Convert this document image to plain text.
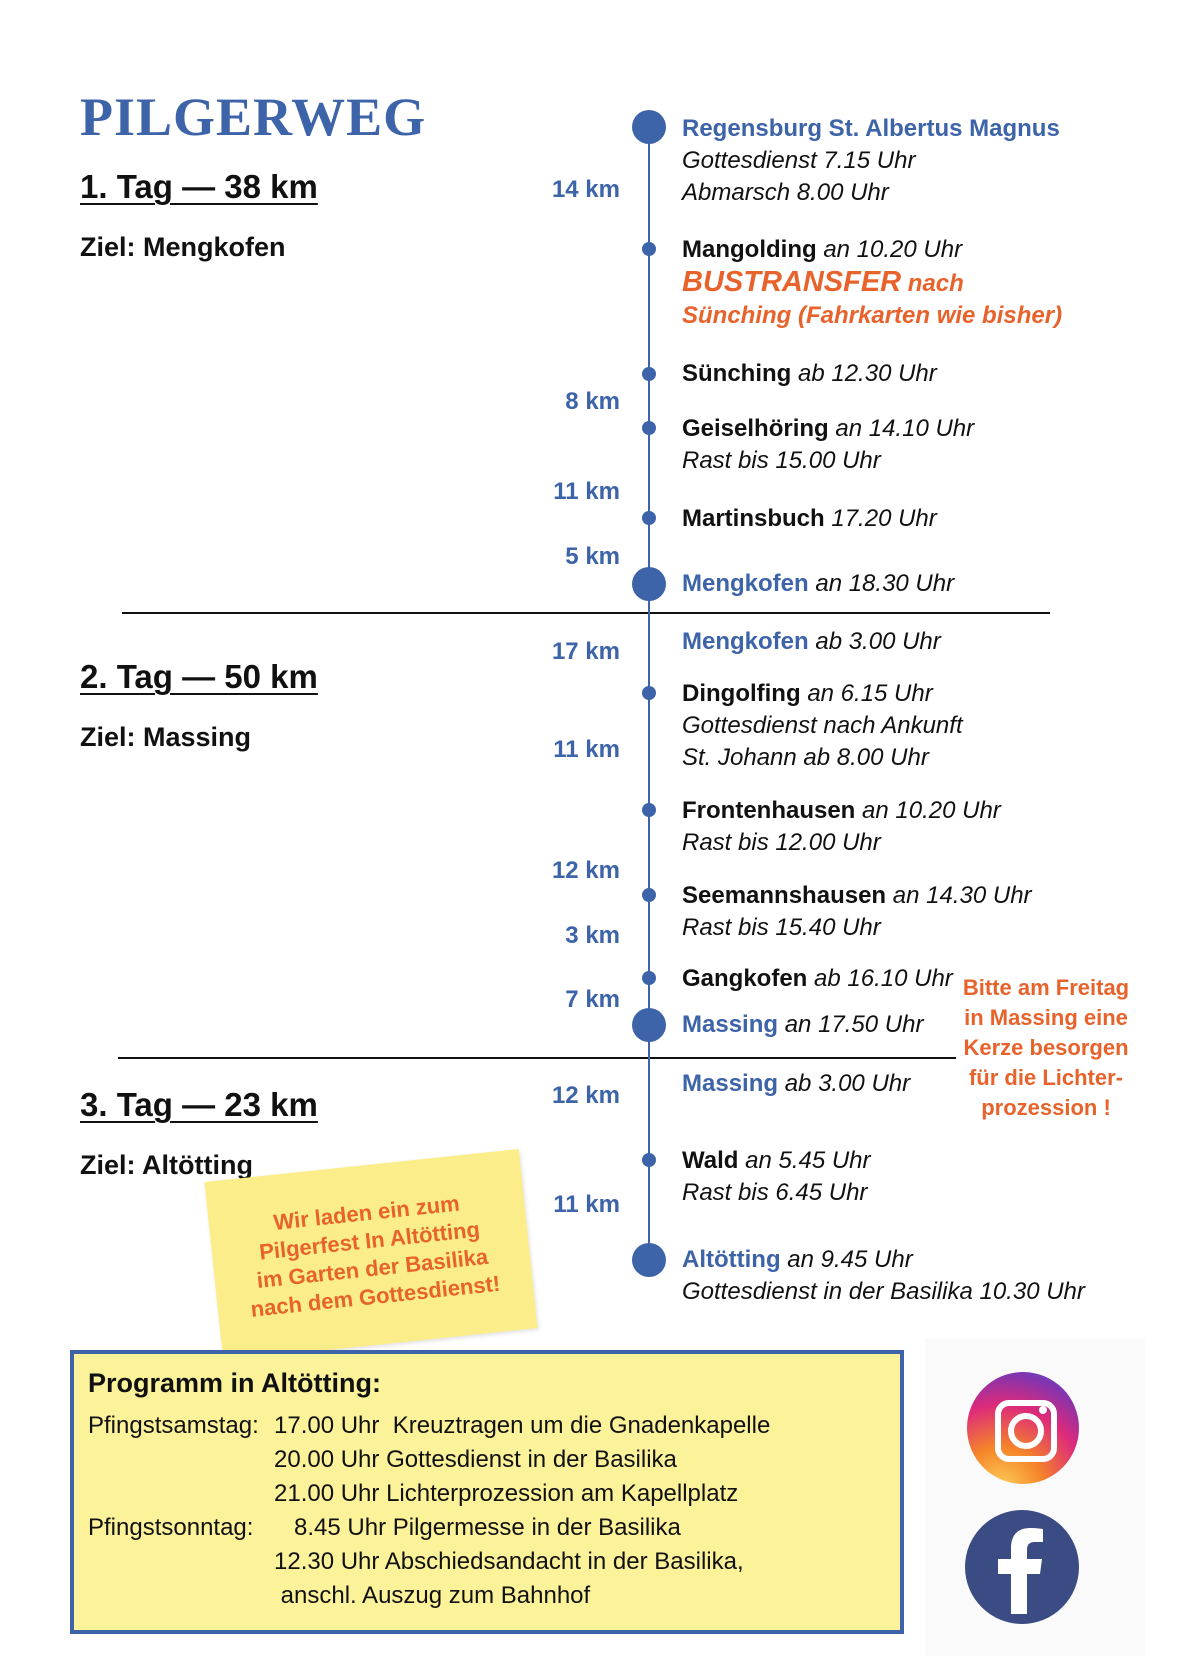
PILGERWEG
1. Tag — 38 km
Ziel: Mengkofen
2. Tag — 50 km
Ziel: Massing
3. Tag — 23 km
Ziel: Altötting
14 km
8 km
11 km
5 km
17 km
11 km
12 km
3 km
7 km
12 km
11 km
Regensburg St. Albertus Magnus
Gottesdienst 7.15 Uhr
Abmarsch 8.00 Uhr
Mangolding an 10.20 Uhr
BUSTRANSFER nach
Sünching (Fahrkarten wie bisher)
Sünching ab 12.30 Uhr
Geiselhöring an 14.10 Uhr
Rast bis 15.00 Uhr
Martinsbuch 17.20 Uhr
Mengkofen an 18.30 Uhr
Mengkofen ab 3.00 Uhr
Dingolfing an 6.15 Uhr
Gottesdienst nach Ankunft
St. Johann ab 8.00 Uhr
Frontenhausen an 10.20 Uhr
Rast bis 12.00 Uhr
Seemannshausen an 14.30 Uhr
Rast bis 15.40 Uhr
Gangkofen ab 16.10 Uhr
Massing an 17.50 Uhr
Massing ab 3.00 Uhr
Wald an 5.45 Uhr
Rast bis 6.45 Uhr
Altötting an 9.45 Uhr
Gottesdienst in der Basilika 10.30 Uhr
Bitte am Freitag in Massing eine Kerze besorgen für die Lichter-prozession !
Wir laden ein zum
Pilgerfest In Altötting
im Garten der Basilika
nach dem Gottesdienst!
Programm in Altötting:
Pfingstsamstag: 17.00 Uhr  Kreuztragen um die Gnadenkapelle
20.00 Uhr Gottesdienst in der Basilika
21.00 Uhr Lichterprozession am Kapellplatz
Pfingstsonntag: 8.45 Uhr Pilgermesse in der Basilika
12.30 Uhr Abschiedsandacht in der Basilika,
anschl. Auszug zum Bahnhof
